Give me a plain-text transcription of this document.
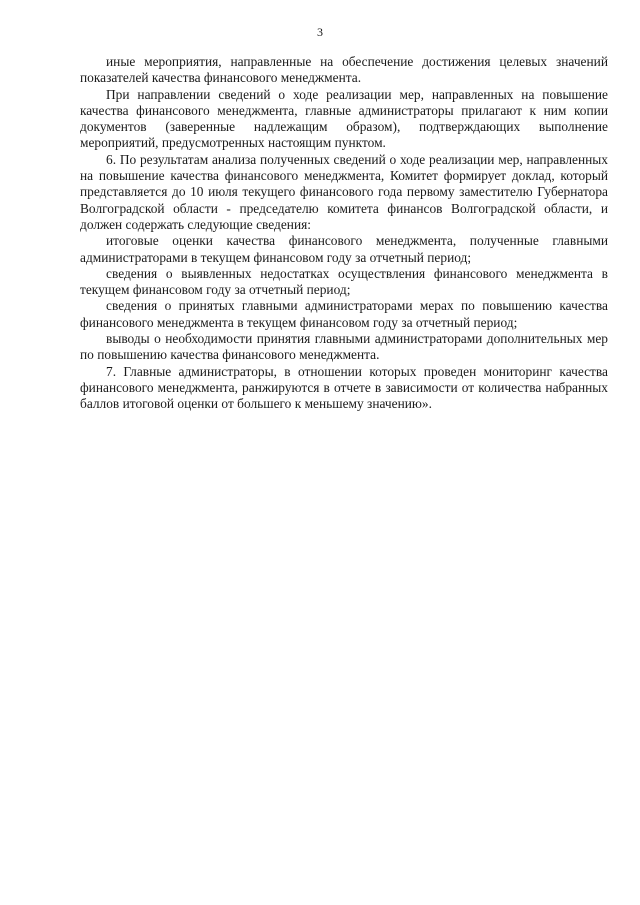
3

иные мероприятия, направленные на обеспечение достижения целевых значений показателей качества финансового менеджмента.

При направлении сведений о ходе реализации мер, направленных на повышение качества финансового менеджмента, главные администраторы прилагают к ним копии документов (заверенные надлежащим образом), подтверждающих выполнение мероприятий, предусмотренных настоящим пунктом.

6. По результатам анализа полученных сведений о ходе реализации мер, направленных на повышение качества финансового менеджмента, Комитет формирует доклад, который представляется до 10 июля текущего финансового года первому заместителю Губернатора Волгоградской области - председателю комитета финансов Волгоградской области, и должен содержать следующие сведения:

итоговые оценки качества финансового менеджмента, полученные главными администраторами в текущем финансовом году за отчетный период;

сведения о выявленных недостатках осуществления финансового менеджмента в текущем финансовом году за отчетный период;

сведения о принятых главными администраторами мерах по повышению качества финансового менеджмента в текущем финансовом году за отчетный период;

выводы о необходимости принятия главными администраторами дополнительных мер по повышению качества финансового менеджмента.

7. Главные администраторы, в отношении которых проведен мониторинг качества финансового менеджмента, ранжируются в отчете в зависимости от количества набранных баллов итоговой оценки от большего к меньшему значению».
